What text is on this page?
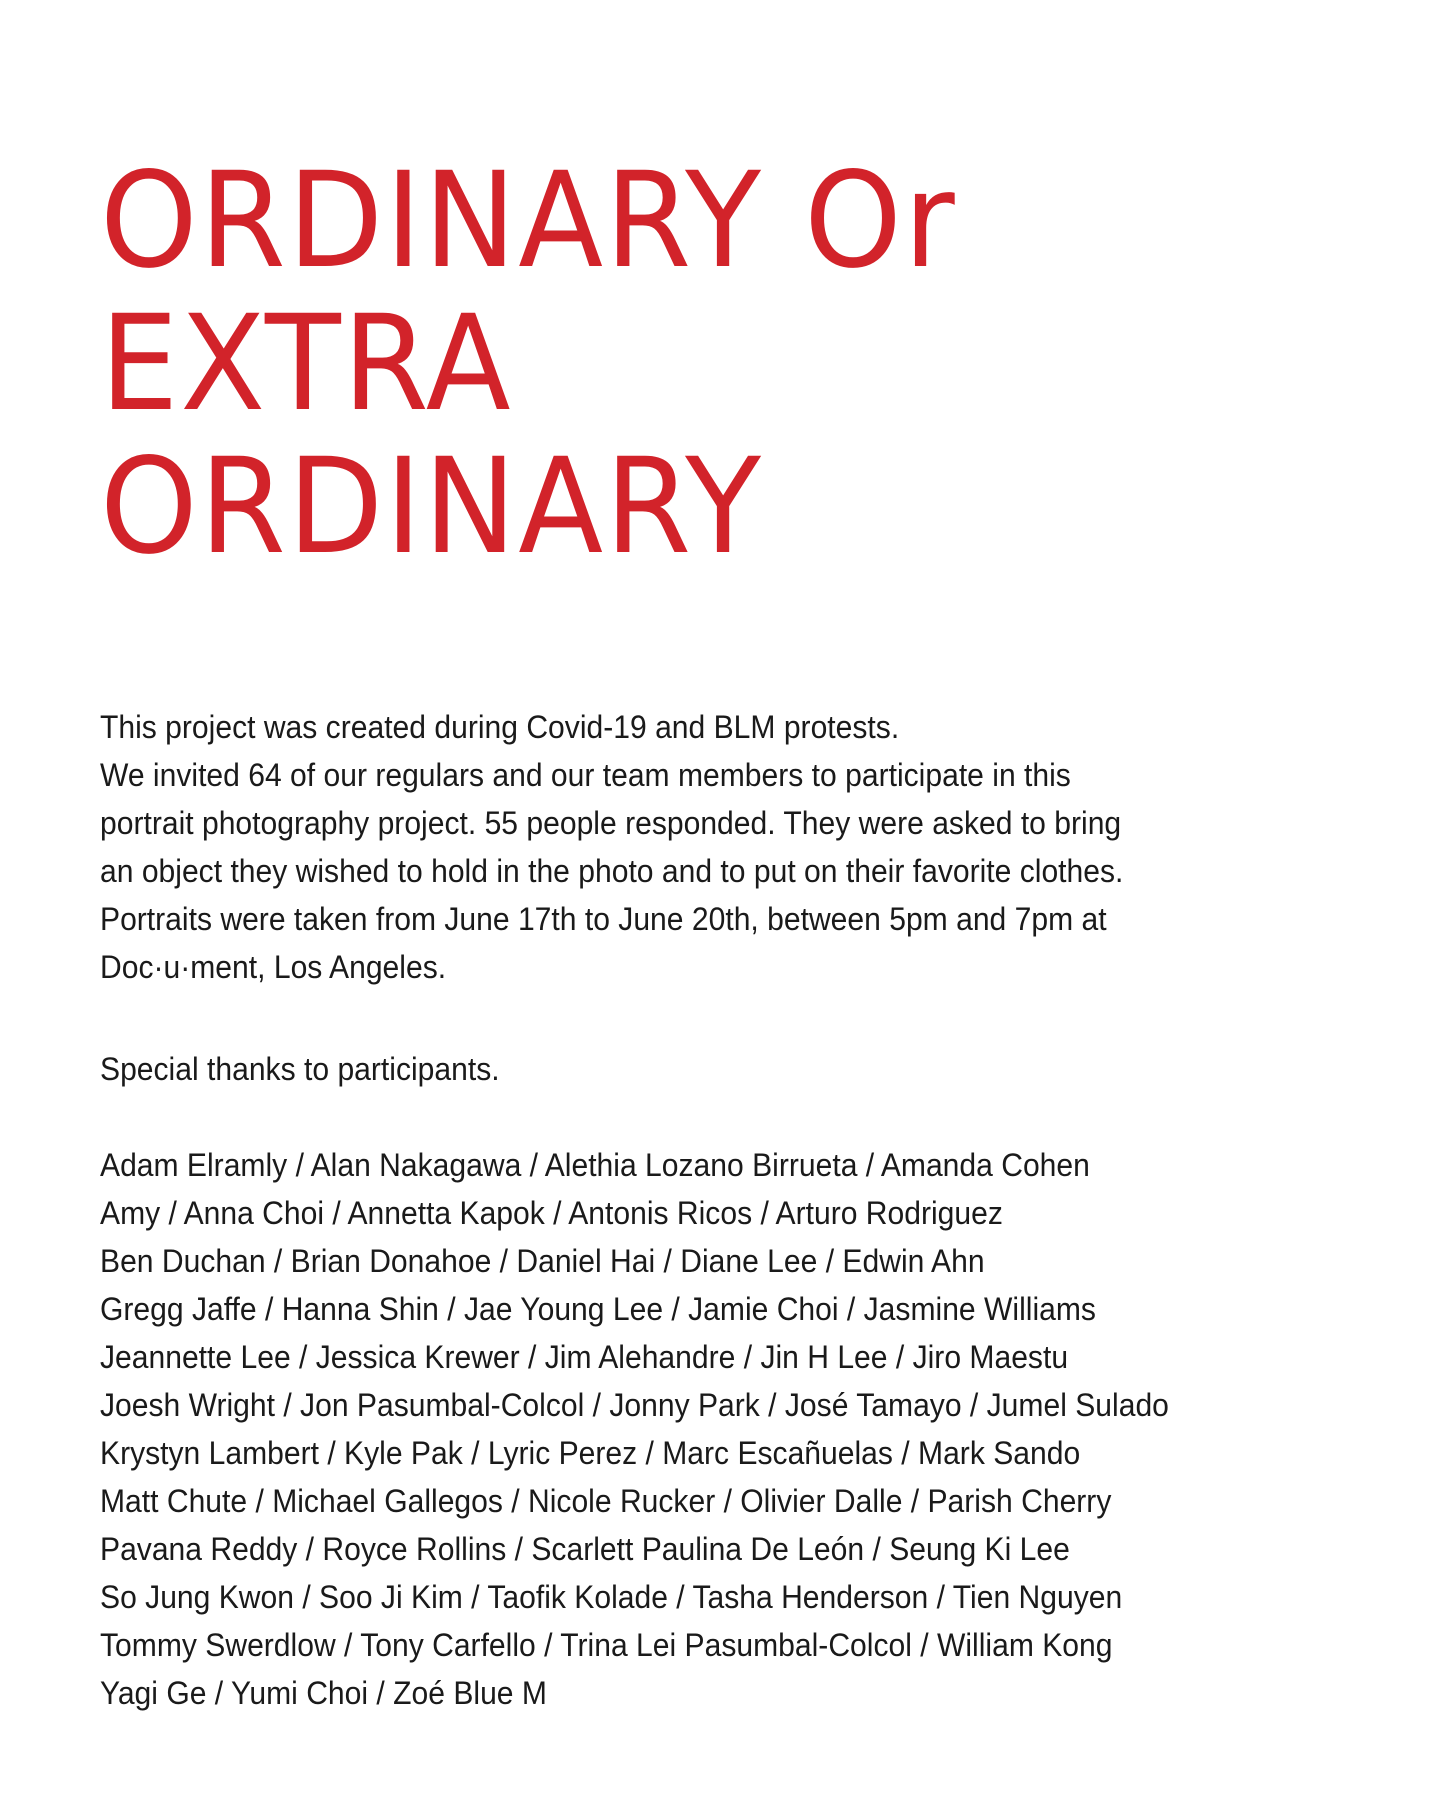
ORDINARY Or
EXTRA
ORDINARY

This project was created during Covid-19 and BLM protests.
We invited 64 of our regulars and our team members to participate in this
portrait photography project. 55 people responded. They were asked to bring
an object they wished to hold in the photo and to put on their favorite clothes.
Portraits were taken from June 17th to June 20th, between 5pm and 7pm at
Doc·u·ment, Los Angeles.

Special thanks to participants.

Adam Elramly / Alan Nakagawa / Alethia Lozano Birrueta / Amanda Cohen
Amy / Anna Choi / Annetta Kapok / Antonis Ricos / Arturo Rodriguez
Ben Duchan / Brian Donahoe / Daniel Hai / Diane Lee / Edwin Ahn
Gregg Jaffe / Hanna Shin / Jae Young Lee / Jamie Choi / Jasmine Williams
Jeannette Lee / Jessica Krewer / Jim Alehandre / Jin H Lee / Jiro Maestu
Joesh Wright / Jon Pasumbal-Colcol / Jonny Park / José Tamayo / Jumel Sulado
Krystyn Lambert / Kyle Pak / Lyric Perez / Marc Escañuelas / Mark Sando
Matt Chute / Michael Gallegos / Nicole Rucker / Olivier Dalle / Parish Cherry
Pavana Reddy / Royce Rollins / Scarlett Paulina De León / Seung Ki Lee
So Jung Kwon / Soo Ji Kim / Taofik Kolade / Tasha Henderson / Tien Nguyen
Tommy Swerdlow / Tony Carfello / Trina Lei Pasumbal-Colcol / William Kong
Yagi Ge / Yumi Choi / Zoé Blue M
